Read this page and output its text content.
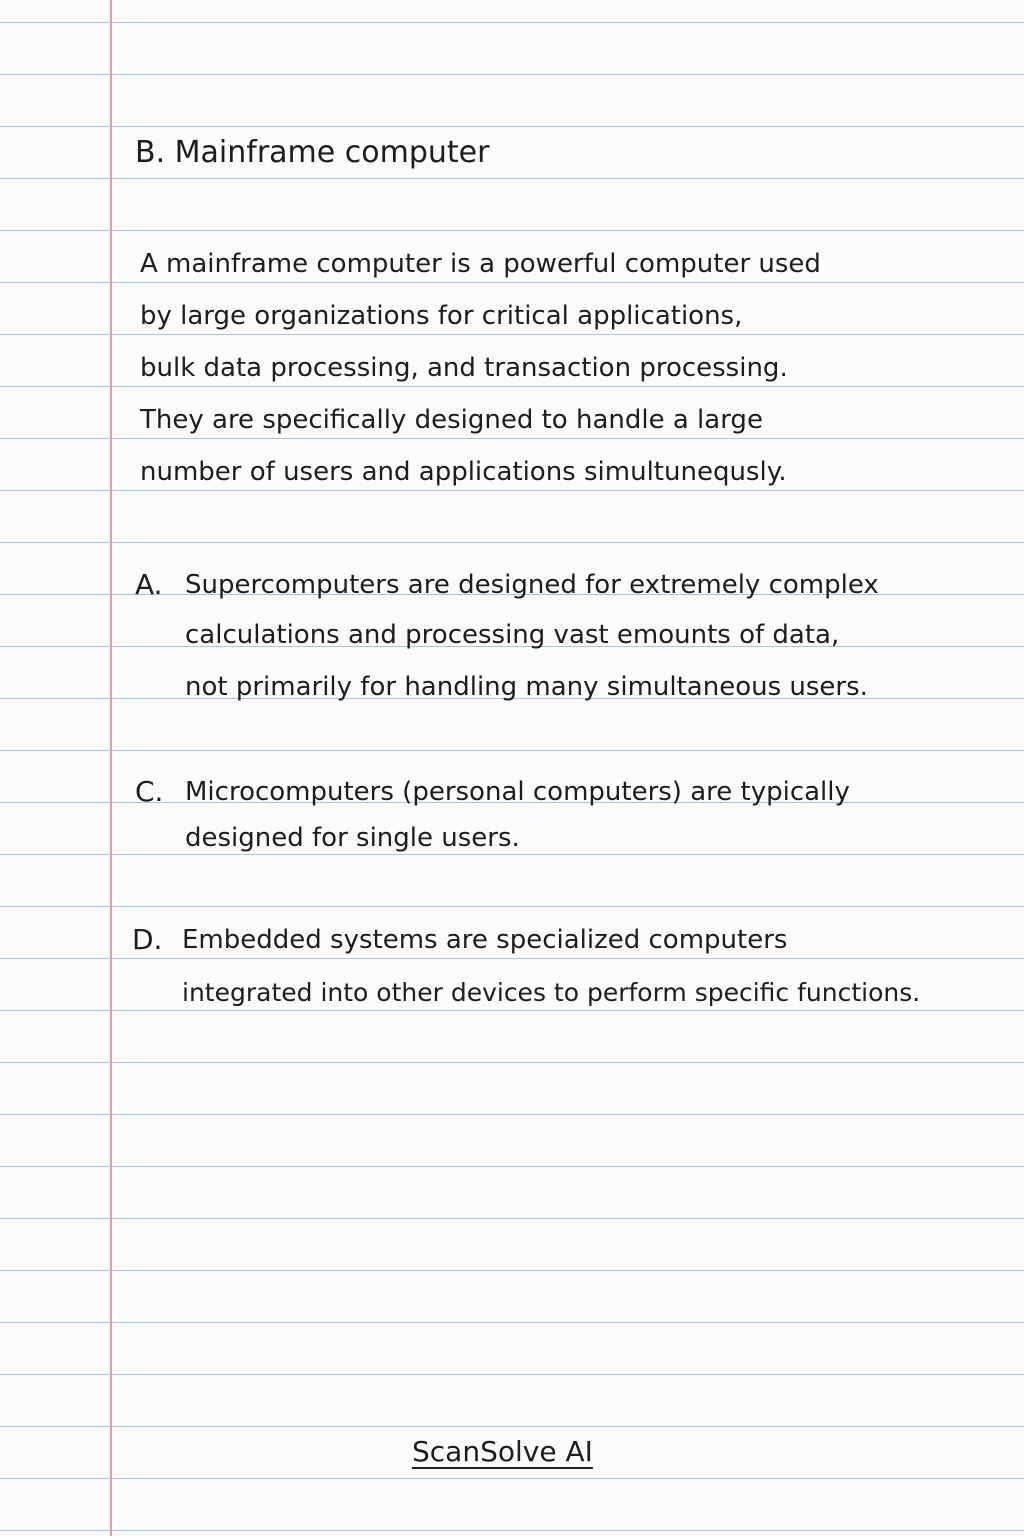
B. Mainframe computer
A mainframe computer is a powerful computer used
by large organizations for critical applications,
bulk data processing, and transaction processing.
They are specifically designed to handle a large
number of users and applications simultunequsly.
A. Supercomputers are designed for extremely complex
calculations and processing vast emounts of data,
not primarily for handling many simultaneous users.
C. Microcomputers (personal computers) are typically
designed for single users.
D. Embedded systems are specialized computers
integrated into other devices to perform specific functions.
ScanSolve AI
